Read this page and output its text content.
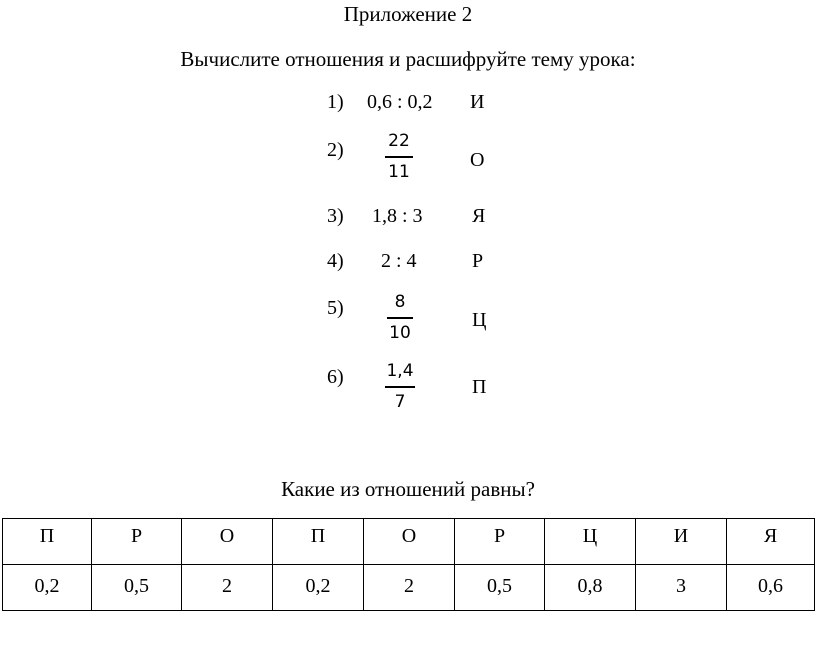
Приложение 2
Вычислите отношения и расшифруйте тему урока:
1) 0,6 : 0,2 И
2)	22
11
О
3) 1,8 : 3 Я
4) 2 : 4	Р
5)	8
10
Ц
6)	1,4
7
П
Какие из отношений равны?
П	Р	О	П	О	Р	Ц	И	Я
0,2	0,5	2	0,2	2	0,5	0,8	3	0,6
